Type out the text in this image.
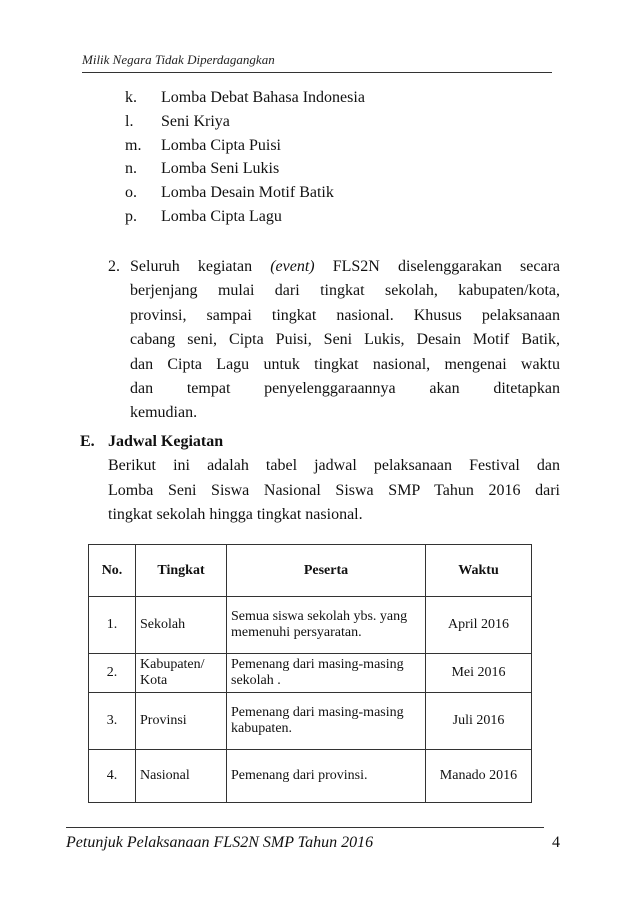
Milik Negara Tidak Diperdagangkan
k.	Lomba Debat Bahasa Indonesia
l.	Seni Kriya
m.	Lomba Cipta Puisi
n.	Lomba Seni Lukis
o.	Lomba Desain Motif Batik
p.	Lomba Cipta Lagu
2. Seluruh kegiatan (event) FLS2N diselenggarakan secara
berjenjang mulai dari tingkat sekolah, kabupaten/kota,
provinsi, sampai tingkat nasional. Khusus pelaksanaan
cabang seni, Cipta Puisi, Seni Lukis, Desain Motif Batik,
dan Cipta Lagu untuk tingkat nasional, mengenai waktu
dan tempat penyelenggaraannya akan ditetapkan
kemudian.
E. Jadwal Kegiatan
Berikut ini adalah tabel jadwal pelaksanaan Festival dan
Lomba Seni Siswa Nasional Siswa SMP Tahun 2016 dari
tingkat sekolah hingga tingkat nasional.
No.	Tingkat	Peserta	Waktu
1.	Sekolah	Semua siswa sekolah ybs. yang memenuhi persyaratan.	April 2016
2.	Kabupaten/ Kota	Pemenang dari masing-masing sekolah .	Mei 2016
3.	Provinsi	Pemenang dari masing-masing kabupaten.	Juli 2016
4.	Nasional	Pemenang dari provinsi.	Manado 2016
Petunjuk Pelaksanaan FLS2N SMP Tahun 2016	4
